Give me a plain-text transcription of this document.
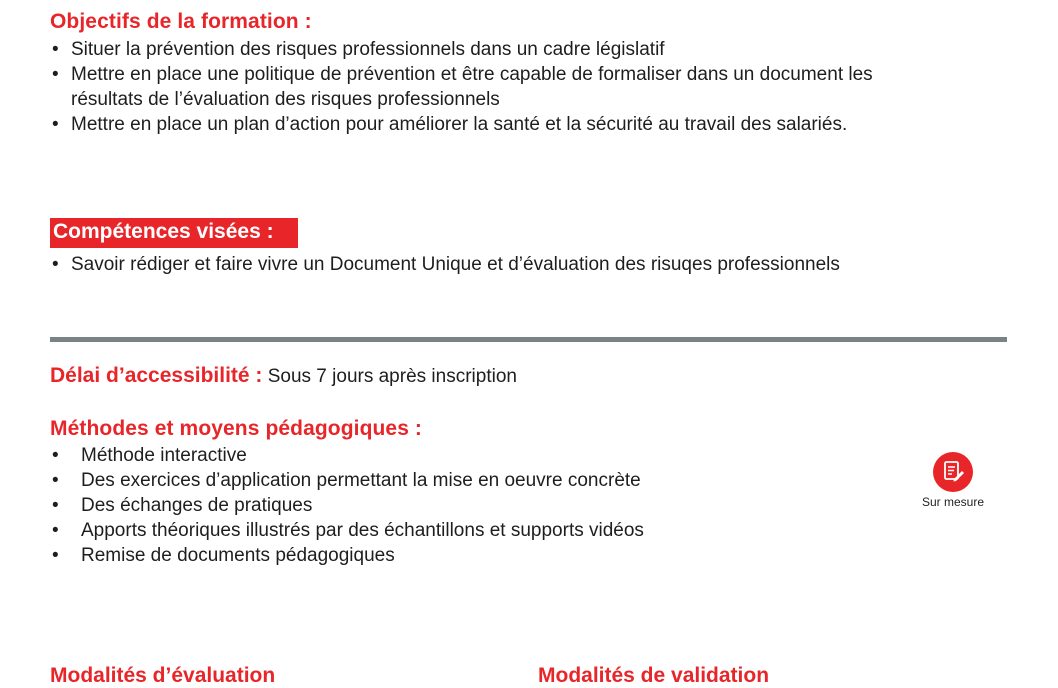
Objectifs de la formation :
• Situer la prévention des risques professionnels dans un cadre législatif
• Mettre en place une politique de prévention et être capable de formaliser dans un document les
résultats de l’évaluation des risques professionnels
• Mettre en place un plan d’action pour améliorer la santé et la sécurité au travail des salariés.
Compétences visées :
• Savoir rédiger et faire vivre un Document Unique et d’évaluation des risuqes professionnels
Délai d’accessibilité : Sous 7 jours après inscription
Méthodes et moyens pédagogiques :
• Méthode interactive
• Des exercices d’application permettant la mise en oeuvre concrète
• Des échanges de pratiques
• Apports théoriques illustrés par des échantillons et supports vidéos
• Remise de documents pédagogiques
Sur mesure
Modalités d’évaluation	Modalités de validation
